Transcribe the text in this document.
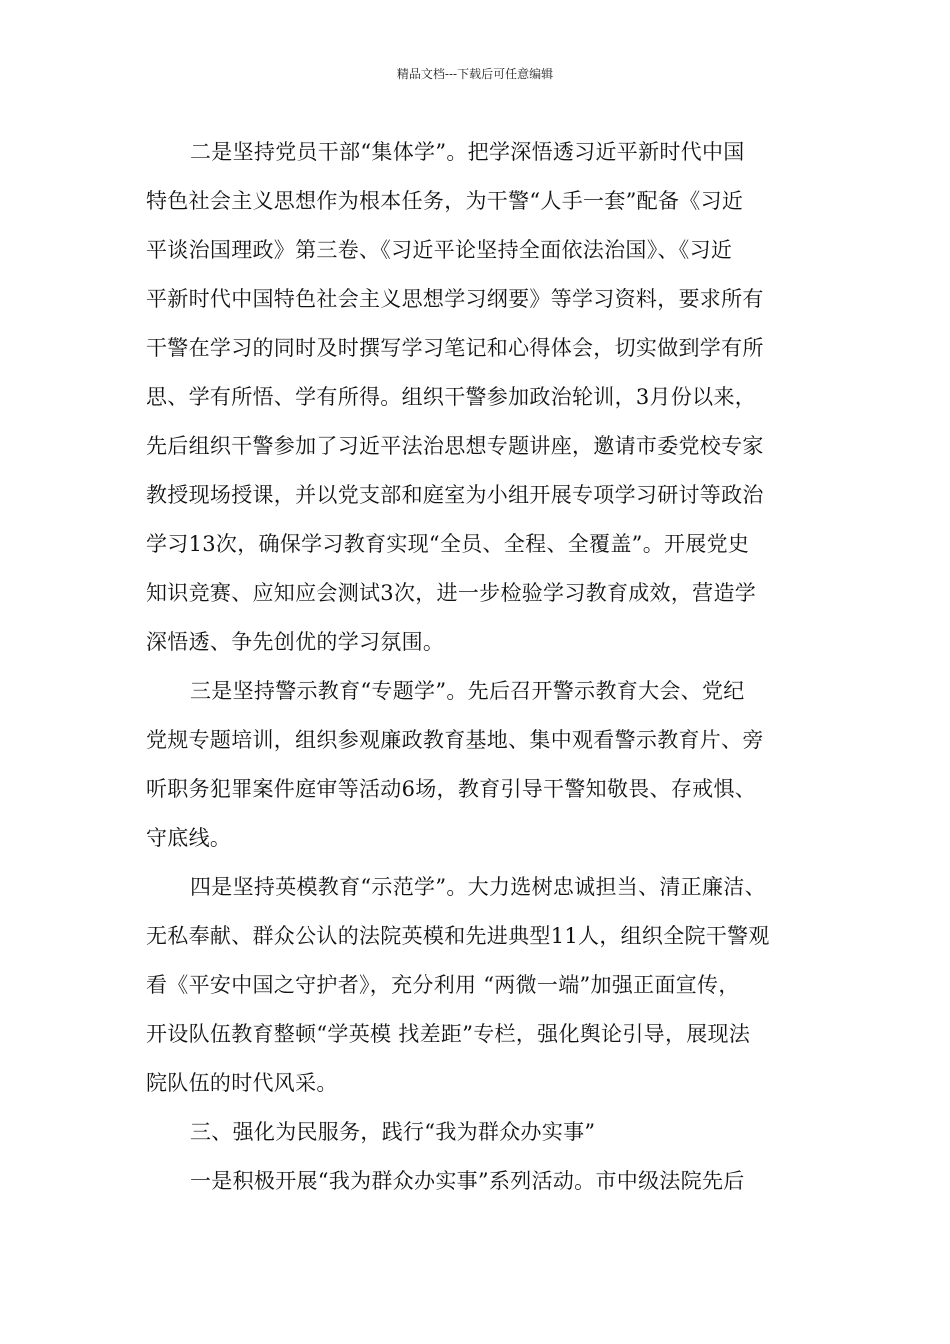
精品文档---下载后可任意编辑
二是坚持党员干部“集体学”。把学深悟透习近平新时代中国
特色社会主义思想作为根本任务，为干警“人手一套”配备《习近
平谈治国理政》第三卷、《习近平论坚持全面依法治国》、《习近
平新时代中国特色社会主义思想学习纲要》等学习资料，要求所有
干警在学习的同时及时撰写学习笔记和心得体会，切实做到学有所
思、学有所悟、学有所得。组织干警参加政治轮训，3月份以来，
先后组织干警参加了习近平法治思想专题讲座，邀请市委党校专家
教授现场授课，并以党支部和庭室为小组开展专项学习研讨等政治
学习13次，确保学习教育实现“全员、全程、全覆盖”。开展党史
知识竞赛、应知应会测试3次，进一步检验学习教育成效，营造学
深悟透、争先创优的学习氛围。
三是坚持警示教育“专题学”。先后召开警示教育大会、党纪
党规专题培训，组织参观廉政教育基地、集中观看警示教育片、旁
听职务犯罪案件庭审等活动6场，教育引导干警知敬畏、存戒惧、
守底线。
四是坚持英模教育“示范学”。大力选树忠诚担当、清正廉洁、
无私奉献、群众公认的法院英模和先进典型11人，组织全院干警观
看《平安中国之守护者》，充分利用 “两微一端”加强正面宣传，
开设队伍教育整顿“学英模 找差距”专栏，强化舆论引导，展现法
院队伍的时代风采。
三、强化为民服务，践行“我为群众办实事”
一是积极开展“我为群众办实事”系列活动。市中级法院先后
